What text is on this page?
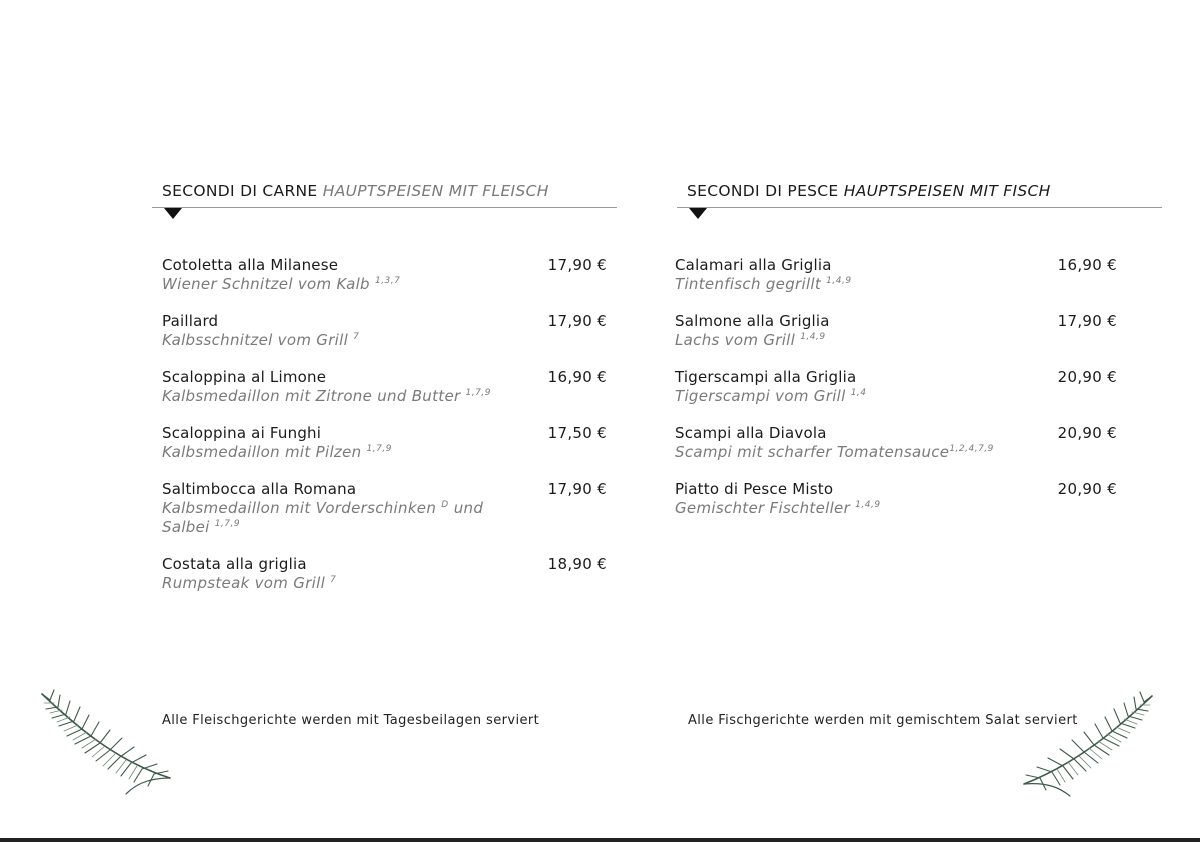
SECONDI DI CARNE HAUPTSPEISEN MIT FLEISCH
Cotoletta alla Milanese	17,90 €
Wiener Schnitzel vom Kalb $^{1,3,7}$
Paillard	17,90 €
Kalbsschnitzel vom Grill $^7$
Scaloppina al Limone	16,90 €
Kalbsmedaillon mit Zitrone und Butter $^{1,7,9}$
Scaloppina ai Funghi	17,50 €
Kalbsmedaillon mit Pilzen $^{1,7,9}$
Saltimbocca alla Romana	17,90 €
Kalbsmedaillon mit Vorderschinken $^D$ und Salbei $^{1,7,9}$
Costata alla griglia	18,90 €
Rumpsteak vom Grill $^7$
SECONDI DI PESCE HAUPTSPEISEN MIT FISCH
Calamari alla Griglia	16,90 €
Tintenfisch gegrillt $^{1,4,9}$
Salmone alla Griglia	17,90 €
Lachs vom Grill $^{1,4,9}$
Tigerscampi alla Griglia	20,90 €
Tigerscampi vom Grill $^{1,4}$
Scampi alla Diavola	20,90 €
Scampi mit scharfer Tomatensauce$^{1,2,4,7,9}$
Piatto di Pesce Misto	20,90 €
Gemischter Fischteller $^{1,4,9}$
Alle Fleischgerichte werden mit Tagesbeilagen serviert	Alle Fischgerichte werden mit gemischtem Salat serviert
